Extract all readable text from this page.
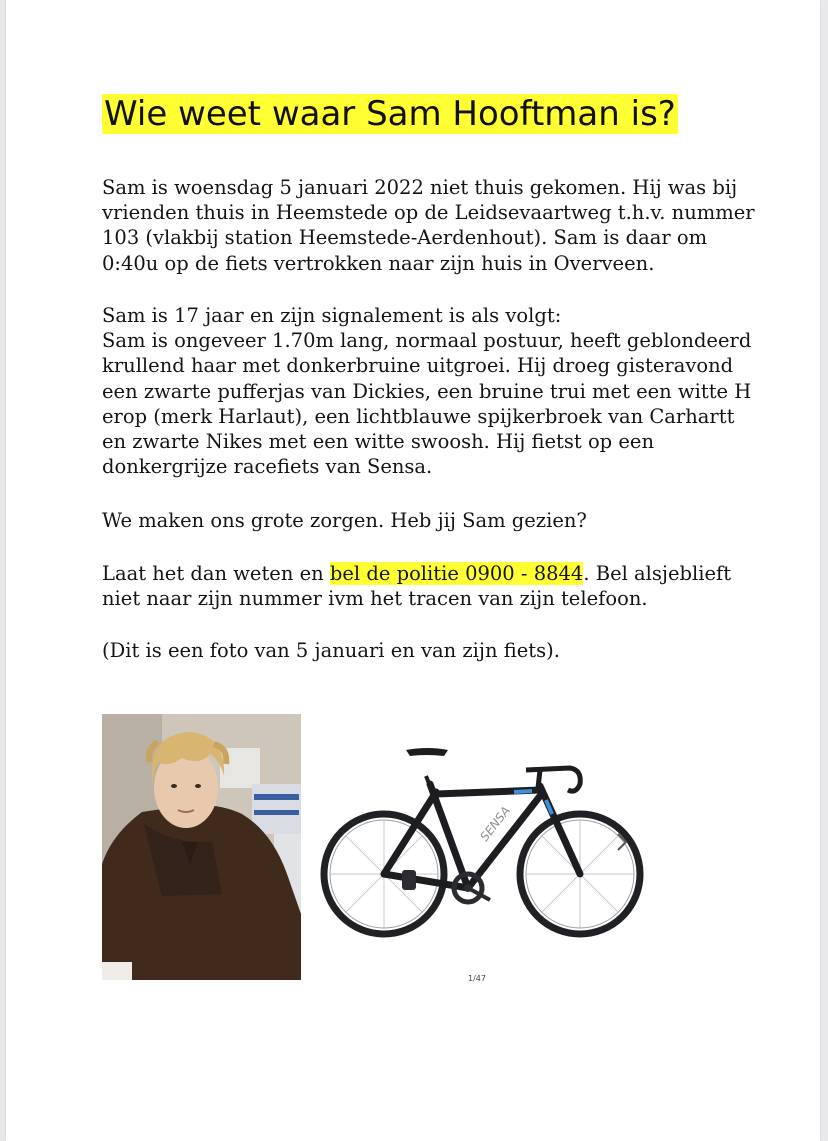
Wie weet waar Sam Hooftman is?

Sam is woensdag 5 januari 2022 niet thuis gekomen. Hij was bij
vrienden thuis in Heemstede op de Leidsevaartweg t.h.v. nummer
103 (vlakbij station Heemstede-Aerdenhout). Sam is daar om
0:40u op de fiets vertrokken naar zijn huis in Overveen.

Sam is 17 jaar en zijn signalement is als volgt:
Sam is ongeveer 1.70m lang, normaal postuur, heeft geblondeerd
krullend haar met donkerbruine uitgroei. Hij droeg gisteravond
een zwarte pufferjas van Dickies, een bruine trui met een witte H
erop (merk Harlaut), een lichtblauwe spijkerbroek van Carhartt
en zwarte Nikes met een witte swoosh. Hij fietst op een
donkergrijze racefiets van Sensa.

We maken ons grote zorgen. Heb jij Sam gezien?

Laat het dan weten en bel de politie 0900 - 8844. Bel alsjeblieft
niet naar zijn nummer ivm het tracen van zijn telefoon.

(Dit is een foto van 5 januari en van zijn fiets).

SENSA
1/47
